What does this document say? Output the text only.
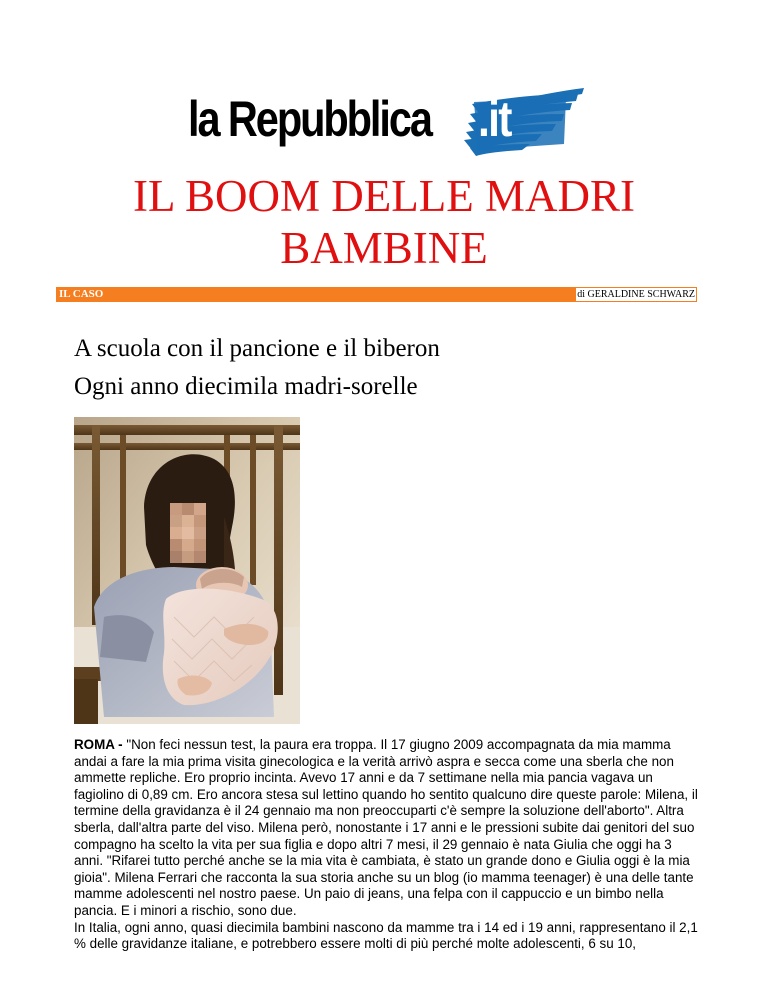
la Repubblica .it
IL BOOM DELLE MADRI BAMBINE
IL CASO	di GERALDINE SCHWARZ
A scuola con il pancione e il biberon
Ogni anno diecimila madri-sorelle

ROMA - "Non feci nessun test, la paura era troppa. Il 17 giugno 2009 accompagnata da mia mamma andai a fare la mia prima visita ginecologica e la verità arrivò aspra e secca come una sberla che non ammette repliche. Ero proprio incinta. Avevo 17 anni e da 7 settimane nella mia pancia vagava un fagiolino di 0,89 cm. Ero ancora stesa sul lettino quando ho sentito qualcuno dire queste parole: Milena, il termine della gravidanza è il 24 gennaio ma non preoccuparti c'è sempre la soluzione dell'aborto". Altra sberla, dall'altra parte del viso. Milena però, nonostante i 17 anni e le pressioni subite dai genitori del suo compagno ha scelto la vita per sua figlia e dopo altri 7 mesi, il 29 gennaio è nata Giulia che oggi ha 3 anni. "Rifarei tutto perché anche se la mia vita è cambiata, è stato un grande dono e Giulia oggi è la mia gioia". Milena Ferrari che racconta la sua storia anche su un blog (io mamma teenager) è una delle tante mamme adolescenti nel nostro paese. Un paio di jeans, una felpa con il cappuccio e un bimbo nella pancia. E i minori a rischio, sono due.

In Italia, ogni anno, quasi diecimila bambini nascono da mamme tra i 14 ed i 19 anni, rappresentano il 2,1 % delle gravidanze italiane, e potrebbero essere molti di più perché molte adolescenti, 6 su 10,
